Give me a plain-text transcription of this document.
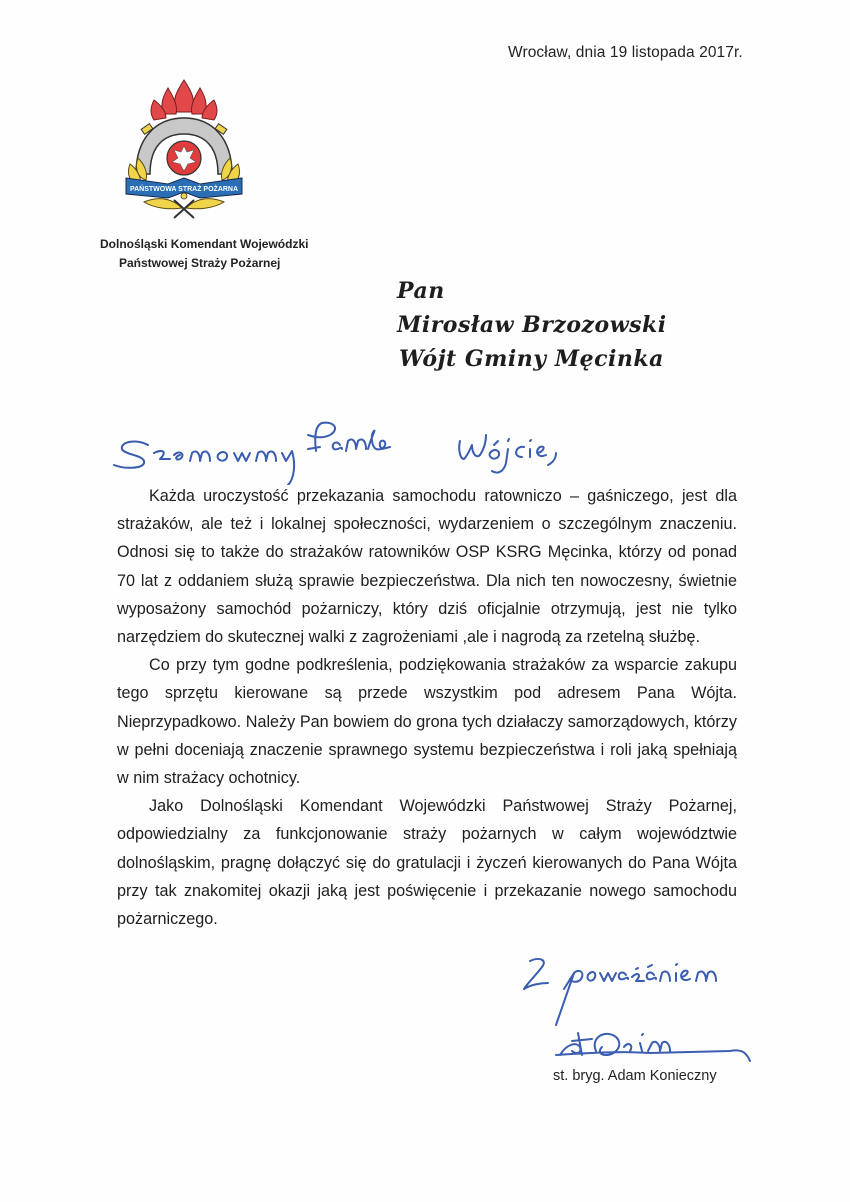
Wrocław, dnia 19 listopada 2017r.
PAŃSTWOWA STRAŻ POŻARNA
Dolnośląski Komendant Wojewódzki
Państwowej Straży Pożarnej
Pan
Mirosław Brzozowski
Wójt Gminy Męcinka

Każda uroczystość przekazania samochodu ratowniczo – gaśniczego, jest dla strażaków, ale też i lokalnej społeczności, wydarzeniem o szczególnym znaczeniu. Odnosi się to także do strażaków ratowników OSP KSRG Męcinka, którzy od ponad 70 lat z oddaniem służą sprawie bezpieczeństwa. Dla nich ten nowoczesny, świetnie wyposażony samochód pożarniczy, który dziś oficjalnie otrzymują, jest nie tylko narzędziem do skutecznej walki z zagrożeniami ,ale i nagrodą za rzetelną służbę.

Co przy tym godne podkreślenia, podziękowania strażaków za wsparcie zakupu tego sprzętu kierowane są przede wszystkim pod adresem Pana Wójta. Nieprzypadkowo. Należy Pan bowiem do grona tych działaczy samorządowych, którzy w pełni doceniają znaczenie sprawnego systemu bezpieczeństwa i roli jaką spełniają w nim strażacy ochotnicy.

Jako Dolnośląski Komendant Wojewódzki Państwowej Straży Pożarnej, odpowiedzialny za funkcjonowanie straży pożarnych w całym województwie dolnośląskim, pragnę dołączyć się do gratulacji i życzeń kierowanych do Pana Wójta przy tak znakomitej okazji jaką jest poświęcenie i przekazanie nowego samochodu pożarniczego.

st. bryg. Adam Konieczny
